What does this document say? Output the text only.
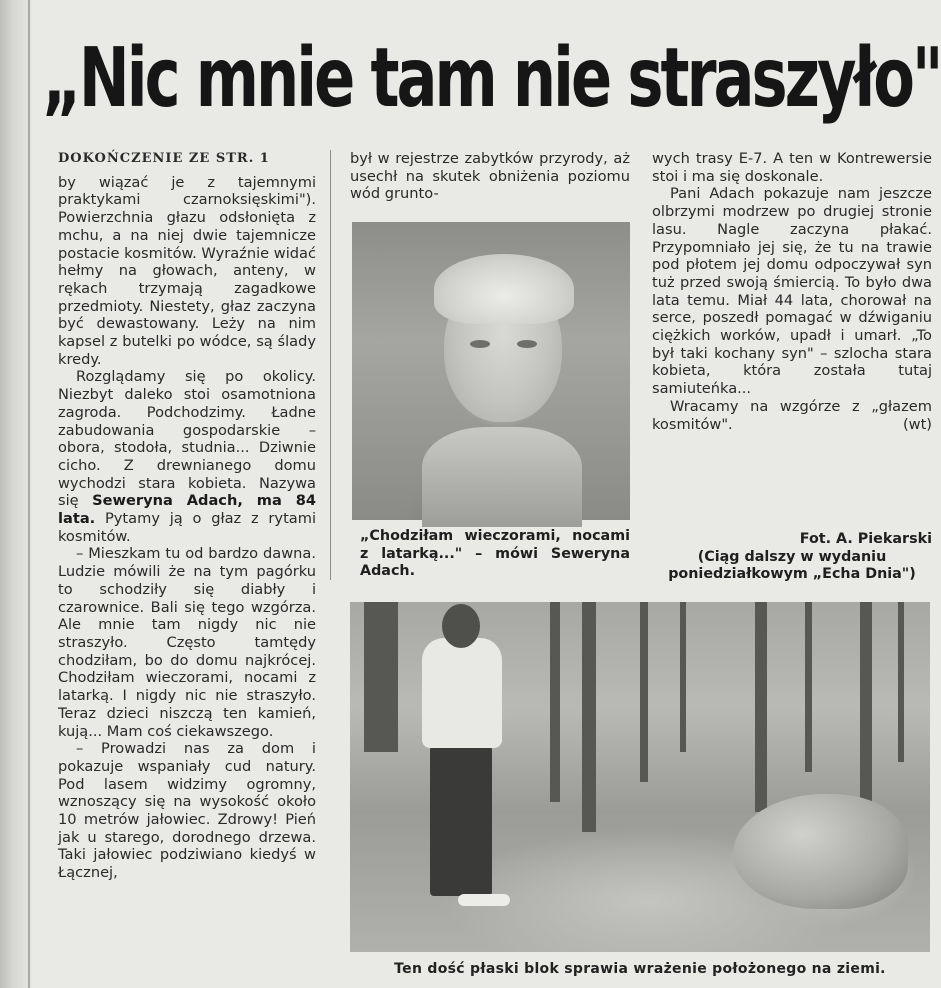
„Nic mnie tam nie straszyło"
DOKOŃCZENIE ZE STR. 1

by wiązać je z tajemnymi praktykami czarnoksięskimi"). Powierzchnia głazu odsłonięta z mchu, a na niej dwie tajemnicze postacie kosmitów. Wyraźnie widać hełmy na głowach, anteny, w rękach trzymają zagadkowe przedmioty. Niestety, głaz zaczyna być dewastowany. Leży na nim kapsel z butelki po wódce, są ślady kredy.

Rozglądamy się po okolicy. Niezbyt daleko stoi osamotniona zagroda. Podchodzimy. Ładne zabudowania gospodarskie – obora, stodoła, studnia... Dziwnie cicho. Z drewnianego domu wychodzi stara kobieta. Nazywa się Seweryna Adach, ma 84 lata. Pytamy ją o głaz z rytami kosmitów.

– Mieszkam tu od bardzo dawna. Ludzie mówili że na tym pagórku to schodziły się diabły i czarownice. Bali się tego wzgórza. Ale mnie tam nigdy nic nie straszyło. Często tamtędy chodziłam, bo do domu najkrócej. Chodziłam wieczorami, nocami z latarką. I nigdy nic nie straszyło. Teraz dzieci niszczą ten kamień, kują... Mam coś ciekawszego.

– Prowadzi nas za dom i pokazuje wspaniały cud natury. Pod lasem widzimy ogromny, wznoszący się na wysokość około 10 metrów jałowiec. Zdrowy! Pień jak u starego, dorodnego drzewa. Taki jałowiec podziwiano kiedyś w Łącznej,

był w rejestrze zabytków przyrody, aż usechł na skutek obniżenia poziomu wód grunto-

„Chodziłam wieczorami, nocami z latarką..." – mówi Seweryna Adach.

wych trasy E-7. A ten w Kontrewersie stoi i ma się doskonale.

Pani Adach pokazuje nam jeszcze olbrzymi modrzew po drugiej stronie lasu. Nagle zaczyna płakać. Przypomniało jej się, że tu na trawie pod płotem jej domu odpoczywał syn tuż przed swoją śmiercią. To było dwa lata temu. Miał 44 lata, chorował na serce, poszedł pomagać w dźwiganiu ciężkich worków, upadł i umarł. „To był taki kochany syn" – szlocha stara kobieta, która została tutaj samiuteńka...

Wracamy na wzgórze z „głazem kosmitów".	(wt)

Fot. A. Piekarski
(Ciąg dalszy w wydaniu poniedziałkowym „Echa Dnia")
Ten dość płaski blok sprawia wrażenie położonego na ziemi.
